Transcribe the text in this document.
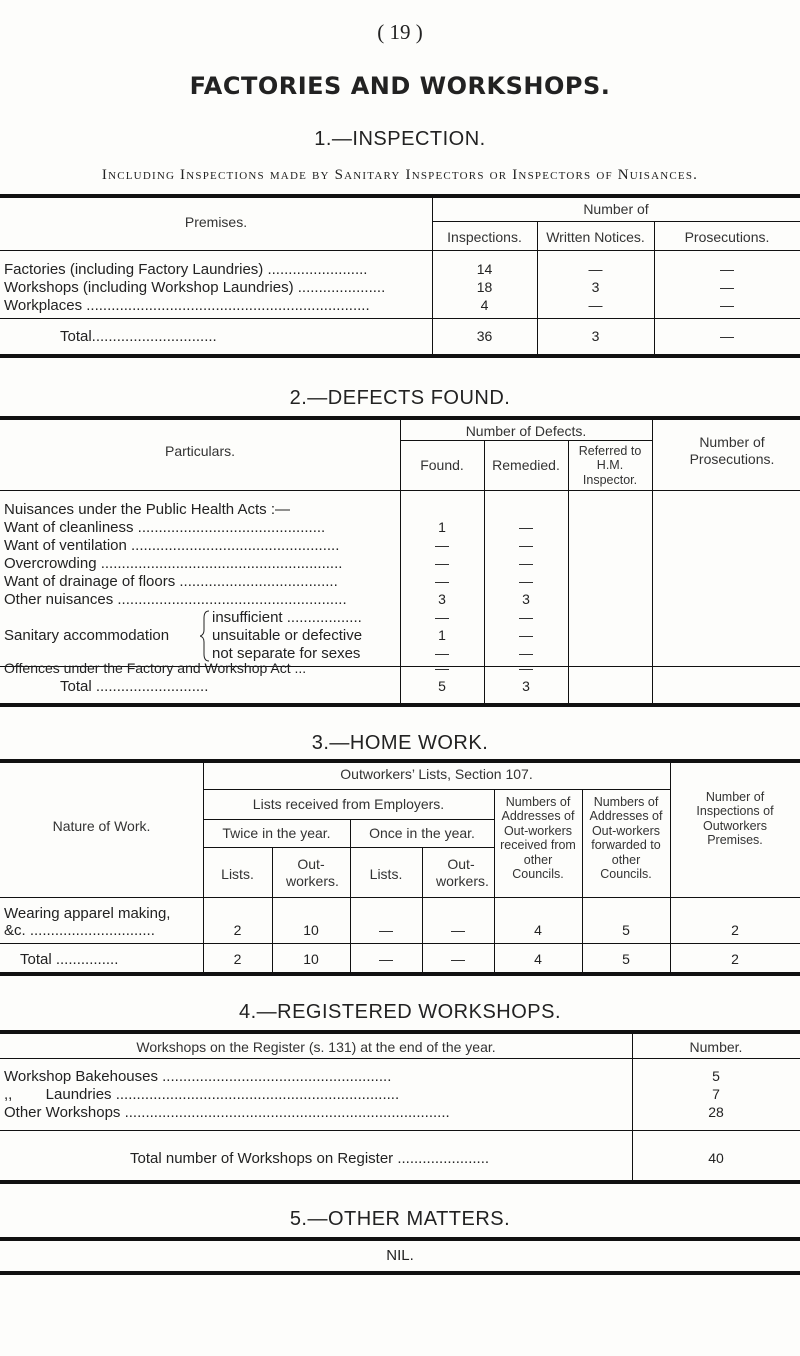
( 19 )
FACTORIES AND WORKSHOPS.
1.—INSPECTION.
Including Inspections made by Sanitary Inspectors or Inspectors of Nuisances.
Premises.
Number of
Inspections.	Written Notices.	Prosecutions.
Factories (including Factory Laundries) ........................	14	—	—
Workshops (including Workshop Laundries) .....................	18	3	—
Workplaces ....................................................................	4	—	—
Total..............................	36	3	—
2.—DEFECTS FOUND.
Particulars.
Number of Defects.
Found.	Remedied.
Referred to H.M. Inspector.
Number of Prosecutions.
Nuisances under the Public Health Acts :—
Want of cleanliness .............................................	1	—
Want of ventilation ..................................................	—	—
Overcrowding ..........................................................	—	—
Want of drainage of floors ......................................	—	—
Other nuisances .......................................................	3	3
Sanitary accommodation
insufficient ..................	—	—
unsuitable or defective	1	—
not separate for sexes	—	—
Offences under the Factory and Workshop Act ...	—	—
Total ...........................	5	3
3.—HOME WORK.
Nature of Work.
Outworkers’ Lists, Section 107.
Lists received from Employers.
Twice in the year.	Once in the year.
Lists.
Out-workers.	Lists.
Out-workers.
Numbers of Addresses of Out-workers received from other Councils.
Numbers of Addresses of Out-workers forwarded to other Councils.
Number of Inspections of Outworkers Premises.
Wearing apparel making,
&c. ..............................	2	10	—	—	4	5	2
Total ...............	2	10	—	—	4	5	2
4.—REGISTERED WORKSHOPS.
Workshops on the Register (s. 131) at the end of the year.	Number.
Workshop Bakehouses .......................................................	5
,,        Laundries ....................................................................	7
Other Workshops ..............................................................................	28
Total number of Workshops on Register ......................	40
5.—OTHER MATTERS.
NIL.
